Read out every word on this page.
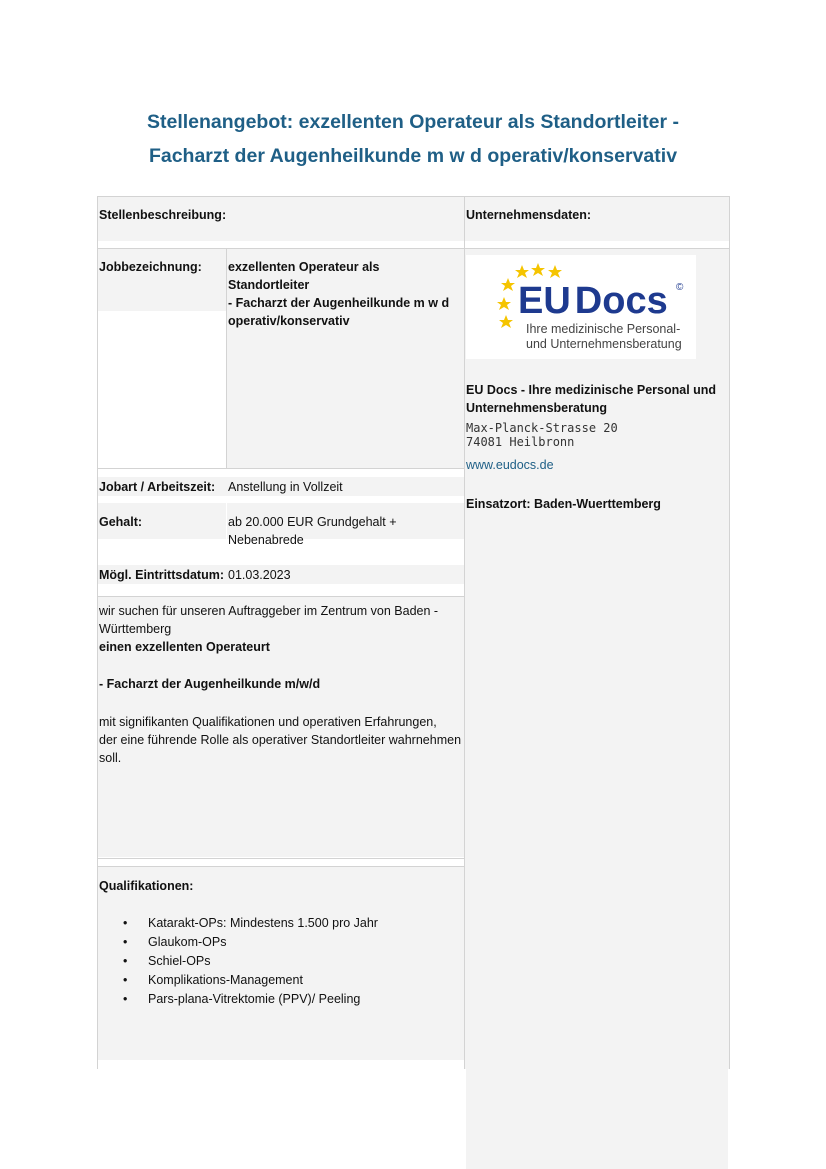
Stellenangebot: exzellenten Operateur als Standortleiter -
Facharzt der Augenheilkunde m w d operativ/konservativ
Stellenbeschreibung:
Jobbezeichnung: exzellenten Operateur als Standortleiter
- Facharzt der Augenheilkunde m w d
operativ/konservativ
Jobart / Arbeitszeit: Anstellung in Vollzeit
Gehalt:	ab 20.000 EUR Grundgehalt +
Nebenabrede
Mögl. Eintrittsdatum: 01.03.2023
wir suchen für unseren Auftraggeber im Zentrum von Baden -
Württemberg
einen exzellenten Operateurt
- Facharzt der Augenheilkunde m/w/d
mit signifikanten Qualifikationen und operativen Erfahrungen,
der eine führende Rolle als operativer Standortleiter wahrnehmen
soll.
Qualifikationen:
• Katarakt-OPs: Mindestens 1.500 pro Jahr
• Glaukom-OPs
• Schiel-OPs
• Komplikations-Management
• Pars-plana-Vitrektomie (PPV)/ Peeling
Unternehmensdaten:
EU Docs ©
Ihre medizinische Personal-
und Unternehmensberatung
EU Docs - Ihre medizinische Personal und
Unternehmensberatung
Max-Planck-Strasse 20
74081 Heilbronn
www.eudocs.de
Einsatzort: Baden-Wuerttemberg
